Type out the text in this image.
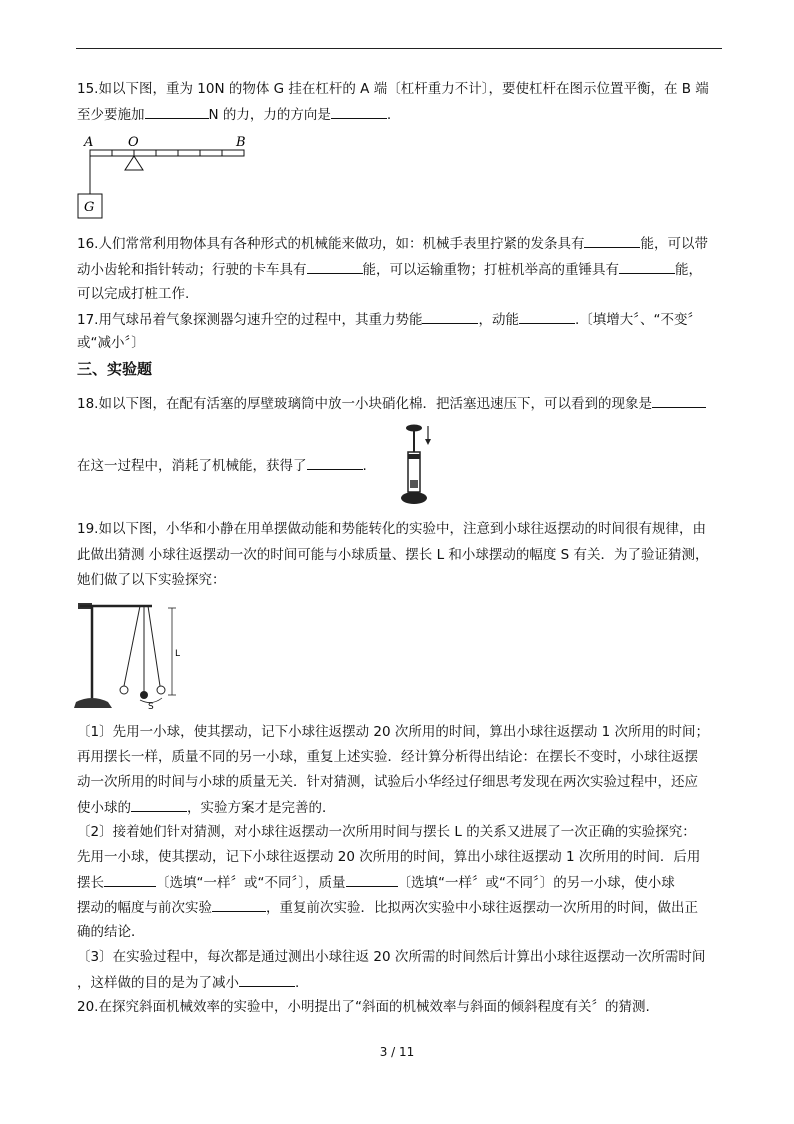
15.如以下图，重为 10N 的物体 G 挂在杠杆的 A 端〔杠杆重力不计〕，要使杠杆在图示位置平衡，在 B 端
至少要施加	N 的力，力的方向是	.
A	O	B
G
16.人们常常利用物体具有各种形式的机械能来做功，如：机械手表里拧紧的发条具有	能，可以带
动小齿轮和指针转动；行驶的卡车具有	能，可以运输重物；打桩机举高的重锤具有	能，
可以完成打桩工作.
17.用气球吊着气象探测器匀速升空的过程中，其重力势能	，动能	.〔填增大〞、“不变〞
或“减小〞〕
三、实验题
18.如以下图，在配有活塞的厚壁玻璃筒中放一小块硝化棉．把活塞迅速压下，可以看到的现象是
在这一过程中，消耗了机械能，获得了	.
19.如以下图，小华和小静在用单摆做动能和势能转化的实验中，注意到小球往返摆动的时间很有规律，由
此做出猜测 小球往返摆动一次的时间可能与小球质量、摆长 L 和小球摆动的幅度 S 有关．为了验证猜测，
她们做了以下实验探究：
S
L
〔1〕先用一小球，使其摆动，记下小球往返摆动 20 次所用的时间，算出小球往返摆动 1 次所用的时间；
再用摆长一样，质量不同的另一小球，重复上述实验．经计算分析得出结论：在摆长不变时，小球往返摆
动一次所用的时间与小球的质量无关．针对猜测，试验后小华经过仔细思考发现在两次实验过程中，还应
使小球的	，实验方案才是完善的．
〔2〕接着她们针对猜测，对小球往返摆动一次所用时间与摆长 L 的关系又进展了一次正确的实验探究：
先用一小球，使其摆动，记下小球往返摆动 20 次所用的时间，算出小球往返摆动 1 次所用的时间．后用
摆长	〔选填“一样〞或“不同〞〕，质量	〔选填“一样〞或“不同〞〕的另一小球，使小球
摆动的幅度与前次实验	，重复前次实验．比拟两次实验中小球往返摆动一次所用的时间，做出正
确的结论．
〔3〕在实验过程中，每次都是通过测出小球往返 20 次所需的时间然后计算出小球往返摆动一次所需时间
，这样做的目的是为了减小	.
20.在探究斜面机械效率的实验中，小明提出了“斜面的机械效率与斜面的倾斜程度有关〞的猜测.
3 / 11
